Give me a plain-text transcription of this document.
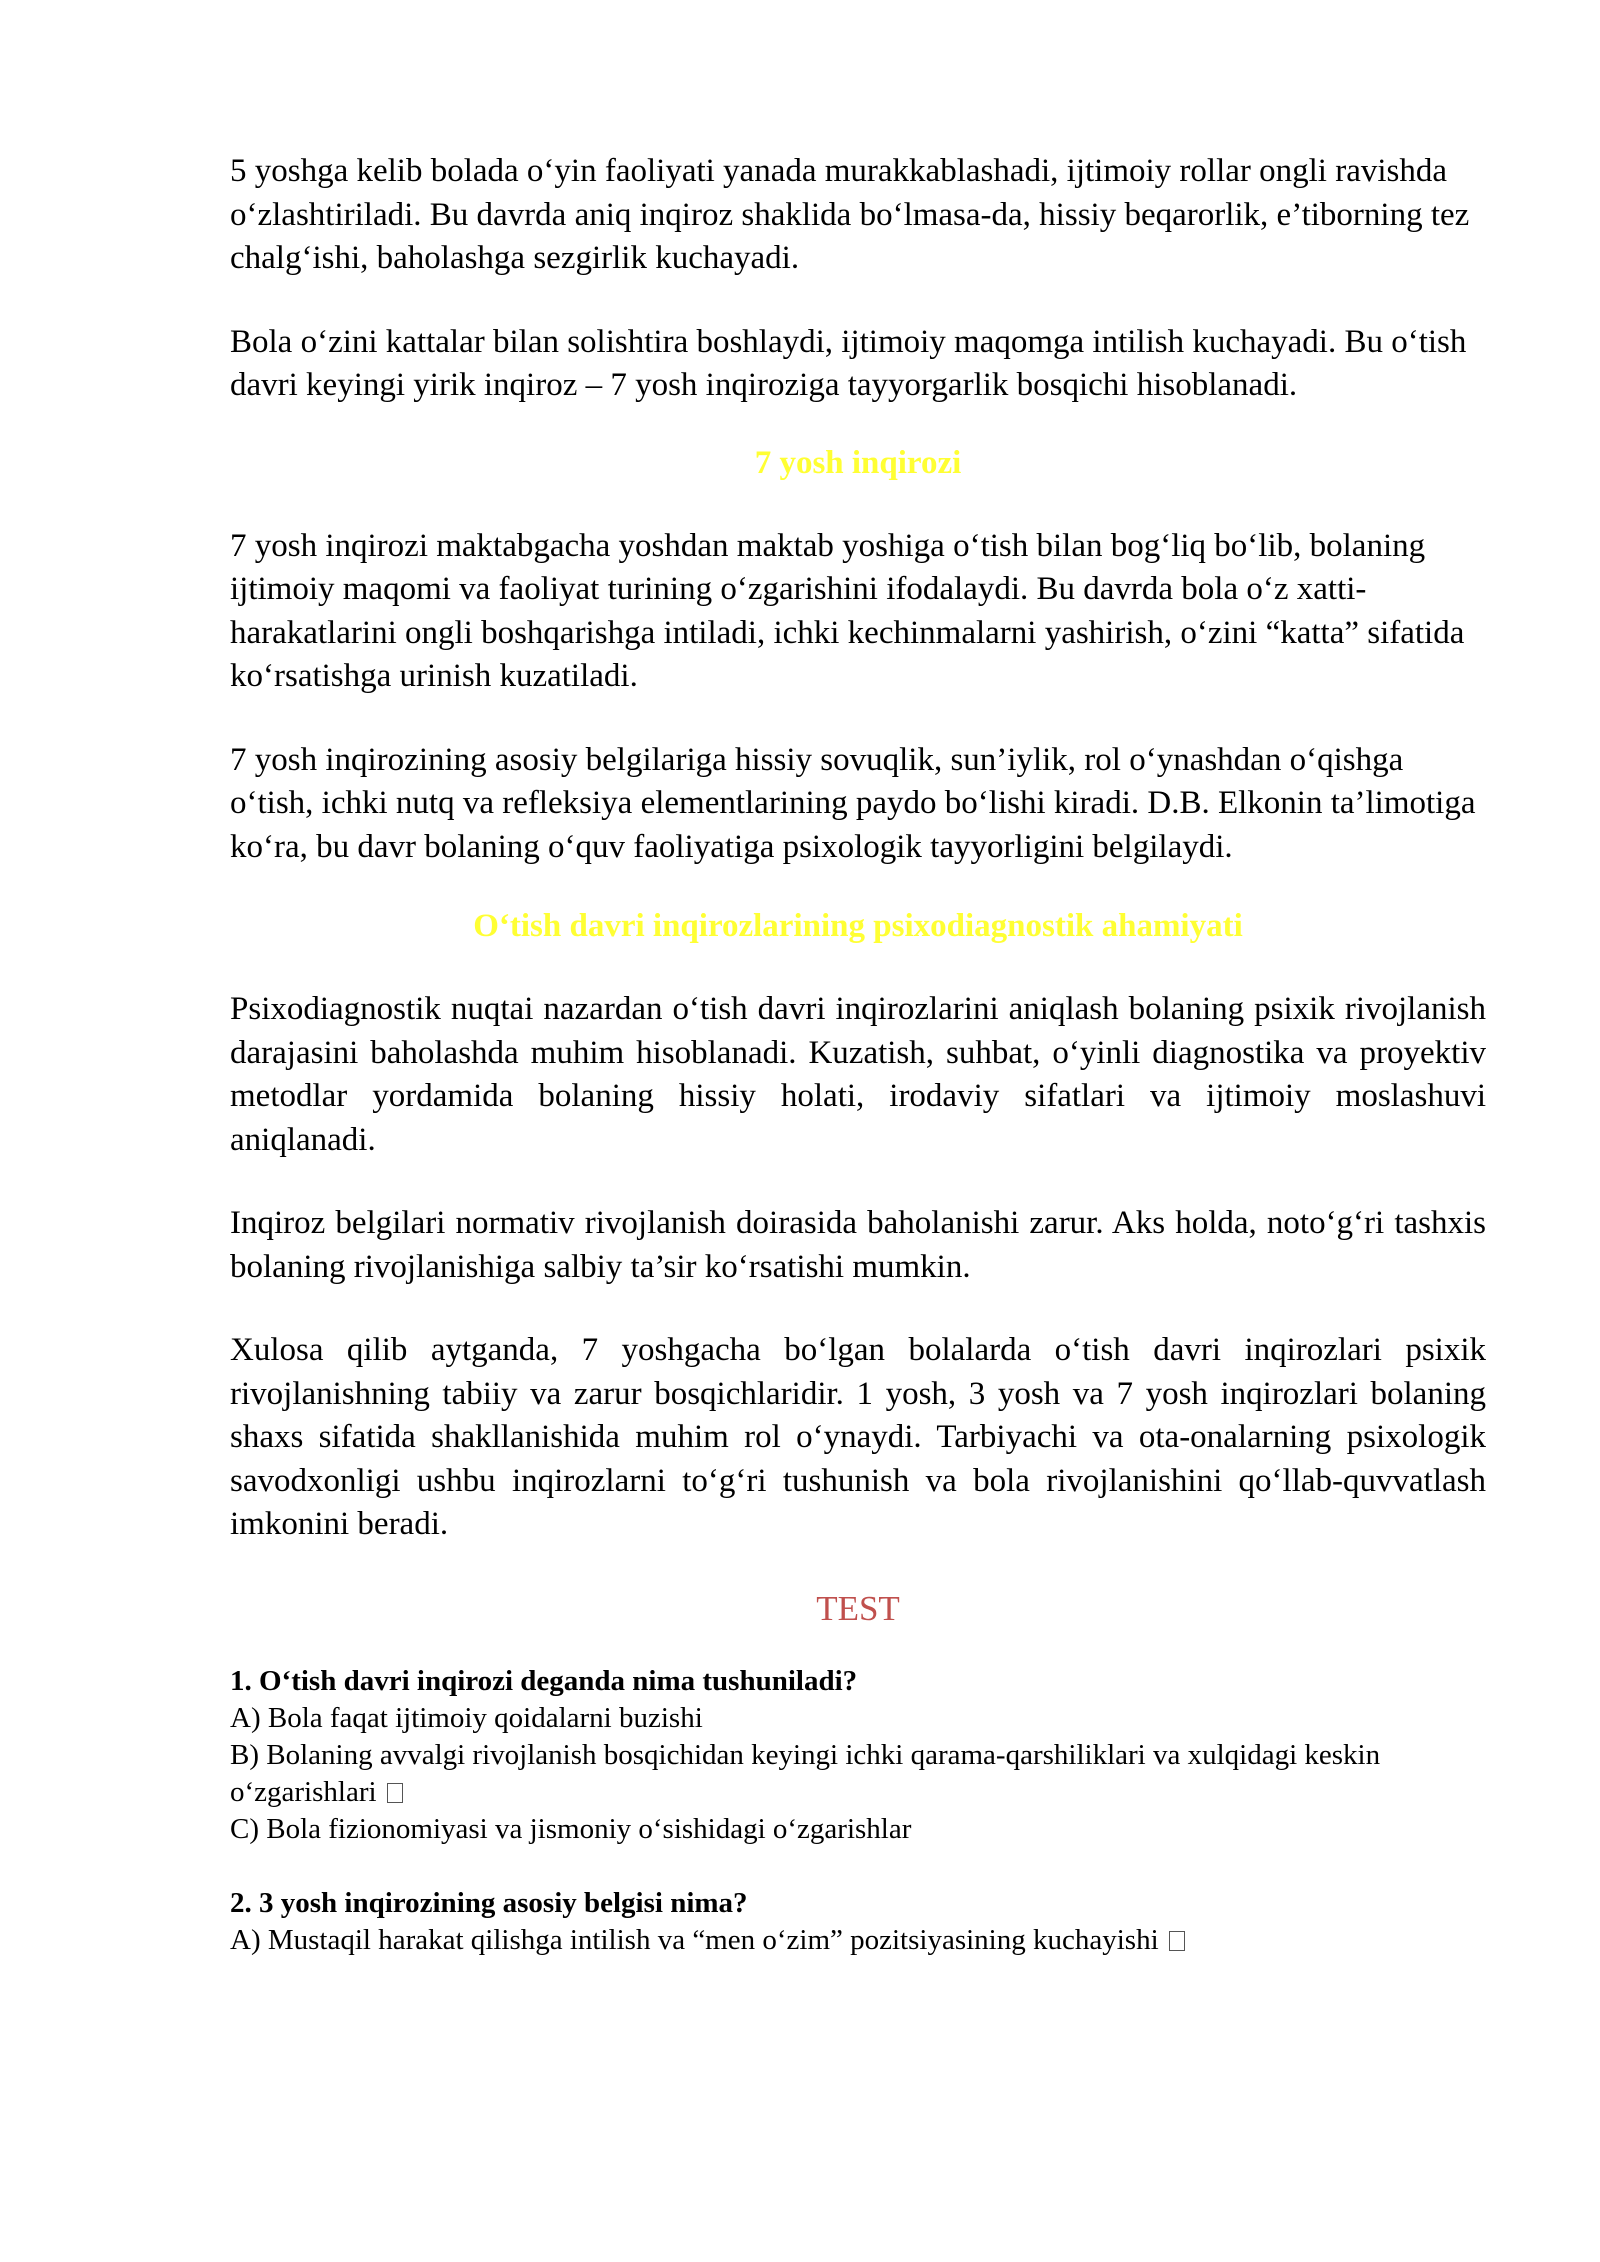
5 yoshga kelib bolada o‘yin faoliyati yanada murakkablashadi, ijtimoiy rollar ongli ravishda o‘zlashtiriladi. Bu davrda aniq inqiroz shaklida bo‘lmasa-da, hissiy beqarorlik, e’tiborning tez chalg‘ishi, baholashga sezgirlik kuchayadi.

Bola o‘zini kattalar bilan solishtira boshlaydi, ijtimoiy maqomga intilish kuchayadi. Bu o‘tish davri keyingi yirik inqiroz – 7 yosh inqiroziga tayyorgarlik bosqichi hisoblanadi.

7 yosh inqirozi

7 yosh inqirozi maktabgacha yoshdan maktab yoshiga o‘tish bilan bog‘liq bo‘lib, bolaning ijtimoiy maqomi va faoliyat turining o‘zgarishini ifodalaydi. Bu davrda bola o‘z xatti-harakatlarini ongli boshqarishga intiladi, ichki kechinmalarni yashirish, o‘zini “katta” sifatida ko‘rsatishga urinish kuzatiladi.

7 yosh inqirozining asosiy belgilariga hissiy sovuqlik, sun’iylik, rol o‘ynashdan o‘qishga o‘tish, ichki nutq va refleksiya elementlarining paydo bo‘lishi kiradi. D.B. Elkonin ta’limotiga ko‘ra, bu davr bolaning o‘quv faoliyatiga psixologik tayyorligini belgilaydi.

O‘tish davri inqirozlarining psixodiagnostik ahamiyati

Psixodiagnostik nuqtai nazardan o‘tish davri inqirozlarini aniqlash bolaning psixik rivojlanish darajasini baholashda muhim hisoblanadi. Kuzatish, suhbat, o‘yinli diagnostika va proyektiv metodlar yordamida bolaning hissiy holati, irodaviy sifatlari va ijtimoiy moslashuvi aniqlanadi.

Inqiroz belgilari normativ rivojlanish doirasida baholanishi zarur. Aks holda, noto‘g‘ri tashxis bolaning rivojlanishiga salbiy ta’sir ko‘rsatishi mumkin.

Xulosa qilib aytganda, 7 yoshgacha bo‘lgan bolalarda o‘tish davri inqirozlari psixik rivojlanishning tabiiy va zarur bosqichlaridir. 1 yosh, 3 yosh va 7 yosh inqirozlari bolaning shaxs sifatida shakllanishida muhim rol o‘ynaydi. Tarbiyachi va ota-onalarning psixologik savodxonligi ushbu inqirozlarni to‘g‘ri tushunish va bola rivojlanishini qo‘llab-quvvatlash imkonini beradi.

TEST

1. O‘tish davri inqirozi deganda nima tushuniladi?

A) Bola faqat ijtimoiy qoidalarni buzishi

B) Bolaning avvalgi rivojlanish bosqichidan keyingi ichki qarama-qarshiliklari va xulqidagi keskin o‘zgarishlari

C) Bola fizionomiyasi va jismoniy o‘sishidagi o‘zgarishlar

2. 3 yosh inqirozining asosiy belgisi nima?

A) Mustaqil harakat qilishga intilish va “men o‘zim” pozitsiyasining kuchayishi
